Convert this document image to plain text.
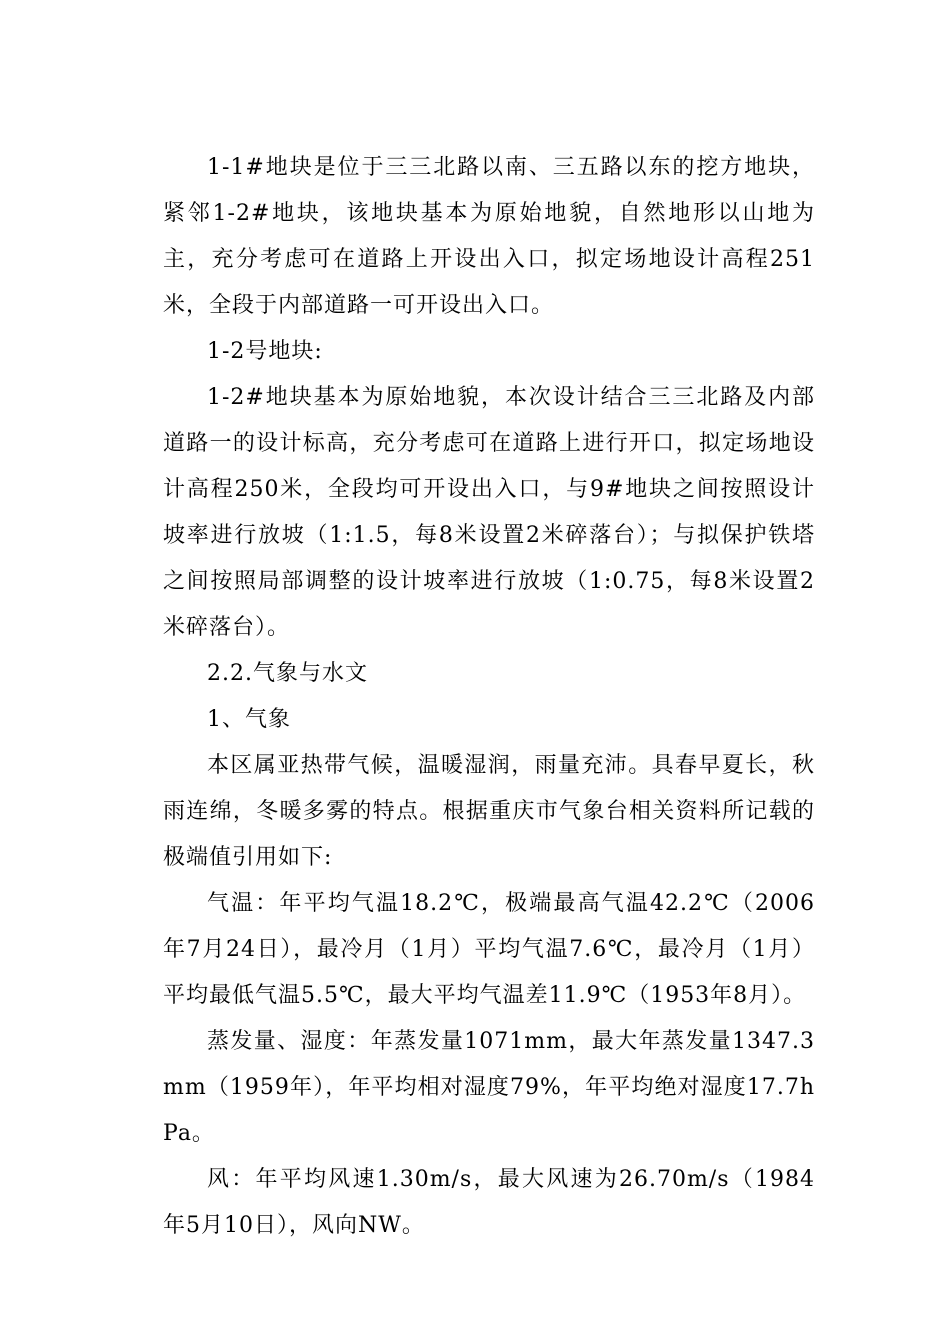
1-1#地块是位于三三北路以南、三五路以东的挖方地块，紧邻1-2#地块，该地块基本为原始地貌，自然地形以山地为主，充分考虑可在道路上开设出入口，拟定场地设计高程251米，全段于内部道路一可开设出入口。

1-2号地块:

1-2#地块基本为原始地貌，本次设计结合三三北路及内部道路一的设计标高，充分考虑可在道路上进行开口，拟定场地设计高程250米，全段均可开设出入口，与9#地块之间按照设计坡率进行放坡（1:1.5，每8米设置2米碎落台）；与拟保护铁塔之间按照局部调整的设计坡率进行放坡（1:0.75，每8米设置2米碎落台）。

2.2.气象与水文

1、气象

本区属亚热带气候，温暖湿润，雨量充沛。具春早夏长，秋雨连绵，冬暖多雾的特点。根据重庆市气象台相关资料所记载的极端值引用如下:

气温：年平均气温18.2℃，极端最高气温42.2℃（2006年7月24日），最冷月（1月）平均气温7.6℃，最冷月（1月）平均最低气温5.5℃，最大平均气温差11.9℃（1953年8月）。

蒸发量、湿度：年蒸发量1071mm，最大年蒸发量1347.3mm（1959年），年平均相对湿度79%，年平均绝对湿度17.7hPa。

风：年平均风速1.30m/s，最大风速为26.70m/s（1984年5月10日），风向NW。
